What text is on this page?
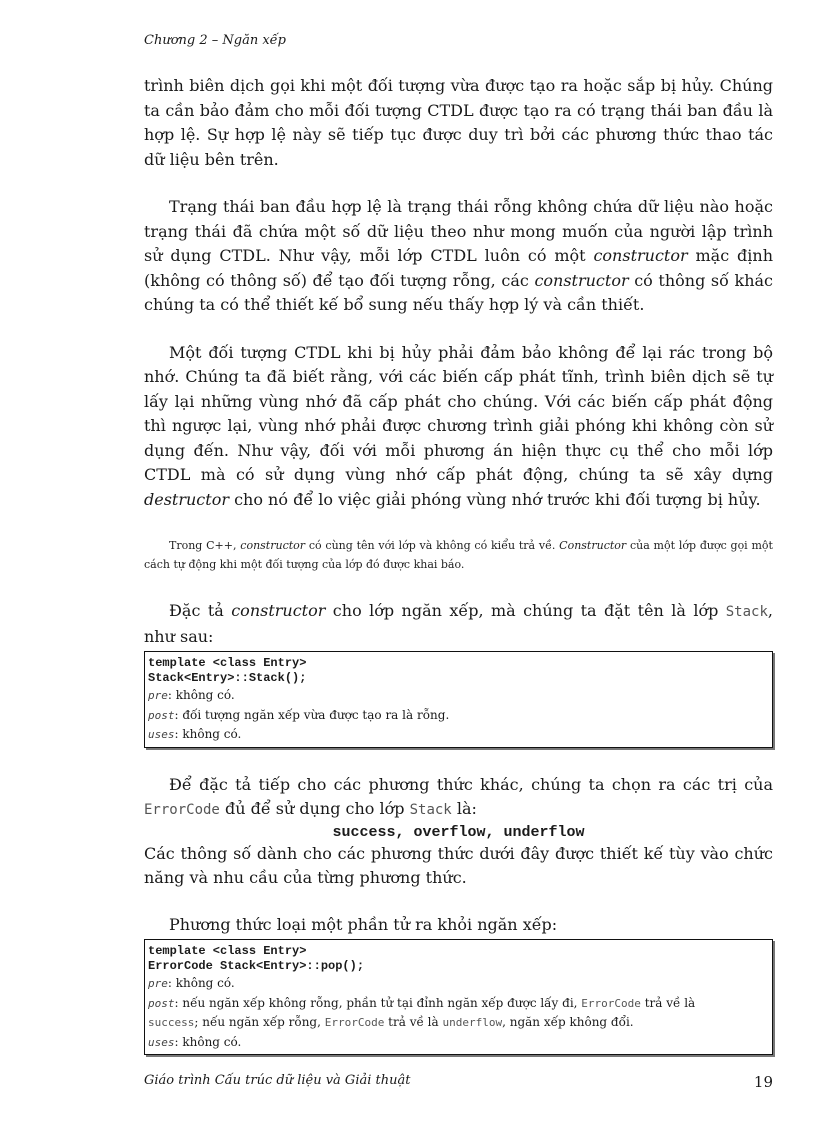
Chương 2 – Ngăn xếp

trình biên dịch gọi khi một đối tượng vừa được tạo ra hoặc sắp bị hủy. Chúng ta cần bảo đảm cho mỗi đối tượng CTDL được tạo ra có trạng thái ban đầu là hợp lệ. Sự hợp lệ này sẽ tiếp tục được duy trì bởi các phương thức thao tác dữ liệu bên trên.

Trạng thái ban đầu hợp lệ là trạng thái rỗng không chứa dữ liệu nào hoặc trạng thái đã chứa một số dữ liệu theo như mong muốn của người lập trình sử dụng CTDL. Như vậy, mỗi lớp CTDL luôn có một constructor mặc định (không có thông số) để tạo đối tượng rỗng, các constructor có thông số khác chúng ta có thể thiết kế bổ sung nếu thấy hợp lý và cần thiết.

Một đối tượng CTDL khi bị hủy phải đảm bảo không để lại rác trong bộ nhớ. Chúng ta đã biết rằng, với các biến cấp phát tĩnh, trình biên dịch sẽ tự lấy lại những vùng nhớ đã cấp phát cho chúng. Với các biến cấp phát động thì ngược lại, vùng nhớ phải được chương trình giải phóng khi không còn sử dụng đến. Như vậy, đối với mỗi phương án hiện thực cụ thể cho mỗi lớp CTDL mà có sử dụng vùng nhớ cấp phát động, chúng ta sẽ xây dựng destructor cho nó để lo việc giải phóng vùng nhớ trước khi đối tượng bị hủy.

Trong C++, constructor có cùng tên với lớp và không có kiểu trả về. Constructor của một lớp được gọi một cách tự động khi một đối tượng của lớp đó được khai báo.

Đặc tả constructor cho lớp ngăn xếp, mà chúng ta đặt tên là lớp Stack, như sau:

template <class Entry>
Stack<Entry>::Stack();
pre: không có.
post: đối tượng ngăn xếp vừa được tạo ra là rỗng.
uses: không có.

Để đặc tả tiếp cho các phương thức khác, chúng ta chọn ra các trị của ErrorCode đủ để sử dụng cho lớp Stack là:

success, overflow, underflow

Các thông số dành cho các phương thức dưới đây được thiết kế tùy vào chức năng và nhu cầu của từng phương thức.

Phương thức loại một phần tử ra khỏi ngăn xếp:

template <class Entry>
ErrorCode Stack<Entry>::pop();
pre: không có.
post: nếu ngăn xếp không rỗng, phần tử tại đỉnh ngăn xếp được lấy đi, ErrorCode trả về là
success; nếu ngăn xếp rỗng, ErrorCode trả về là underflow, ngăn xếp không đổi.
uses: không có.
Giáo trình Cấu trúc dữ liệu và Giải thuật	19
